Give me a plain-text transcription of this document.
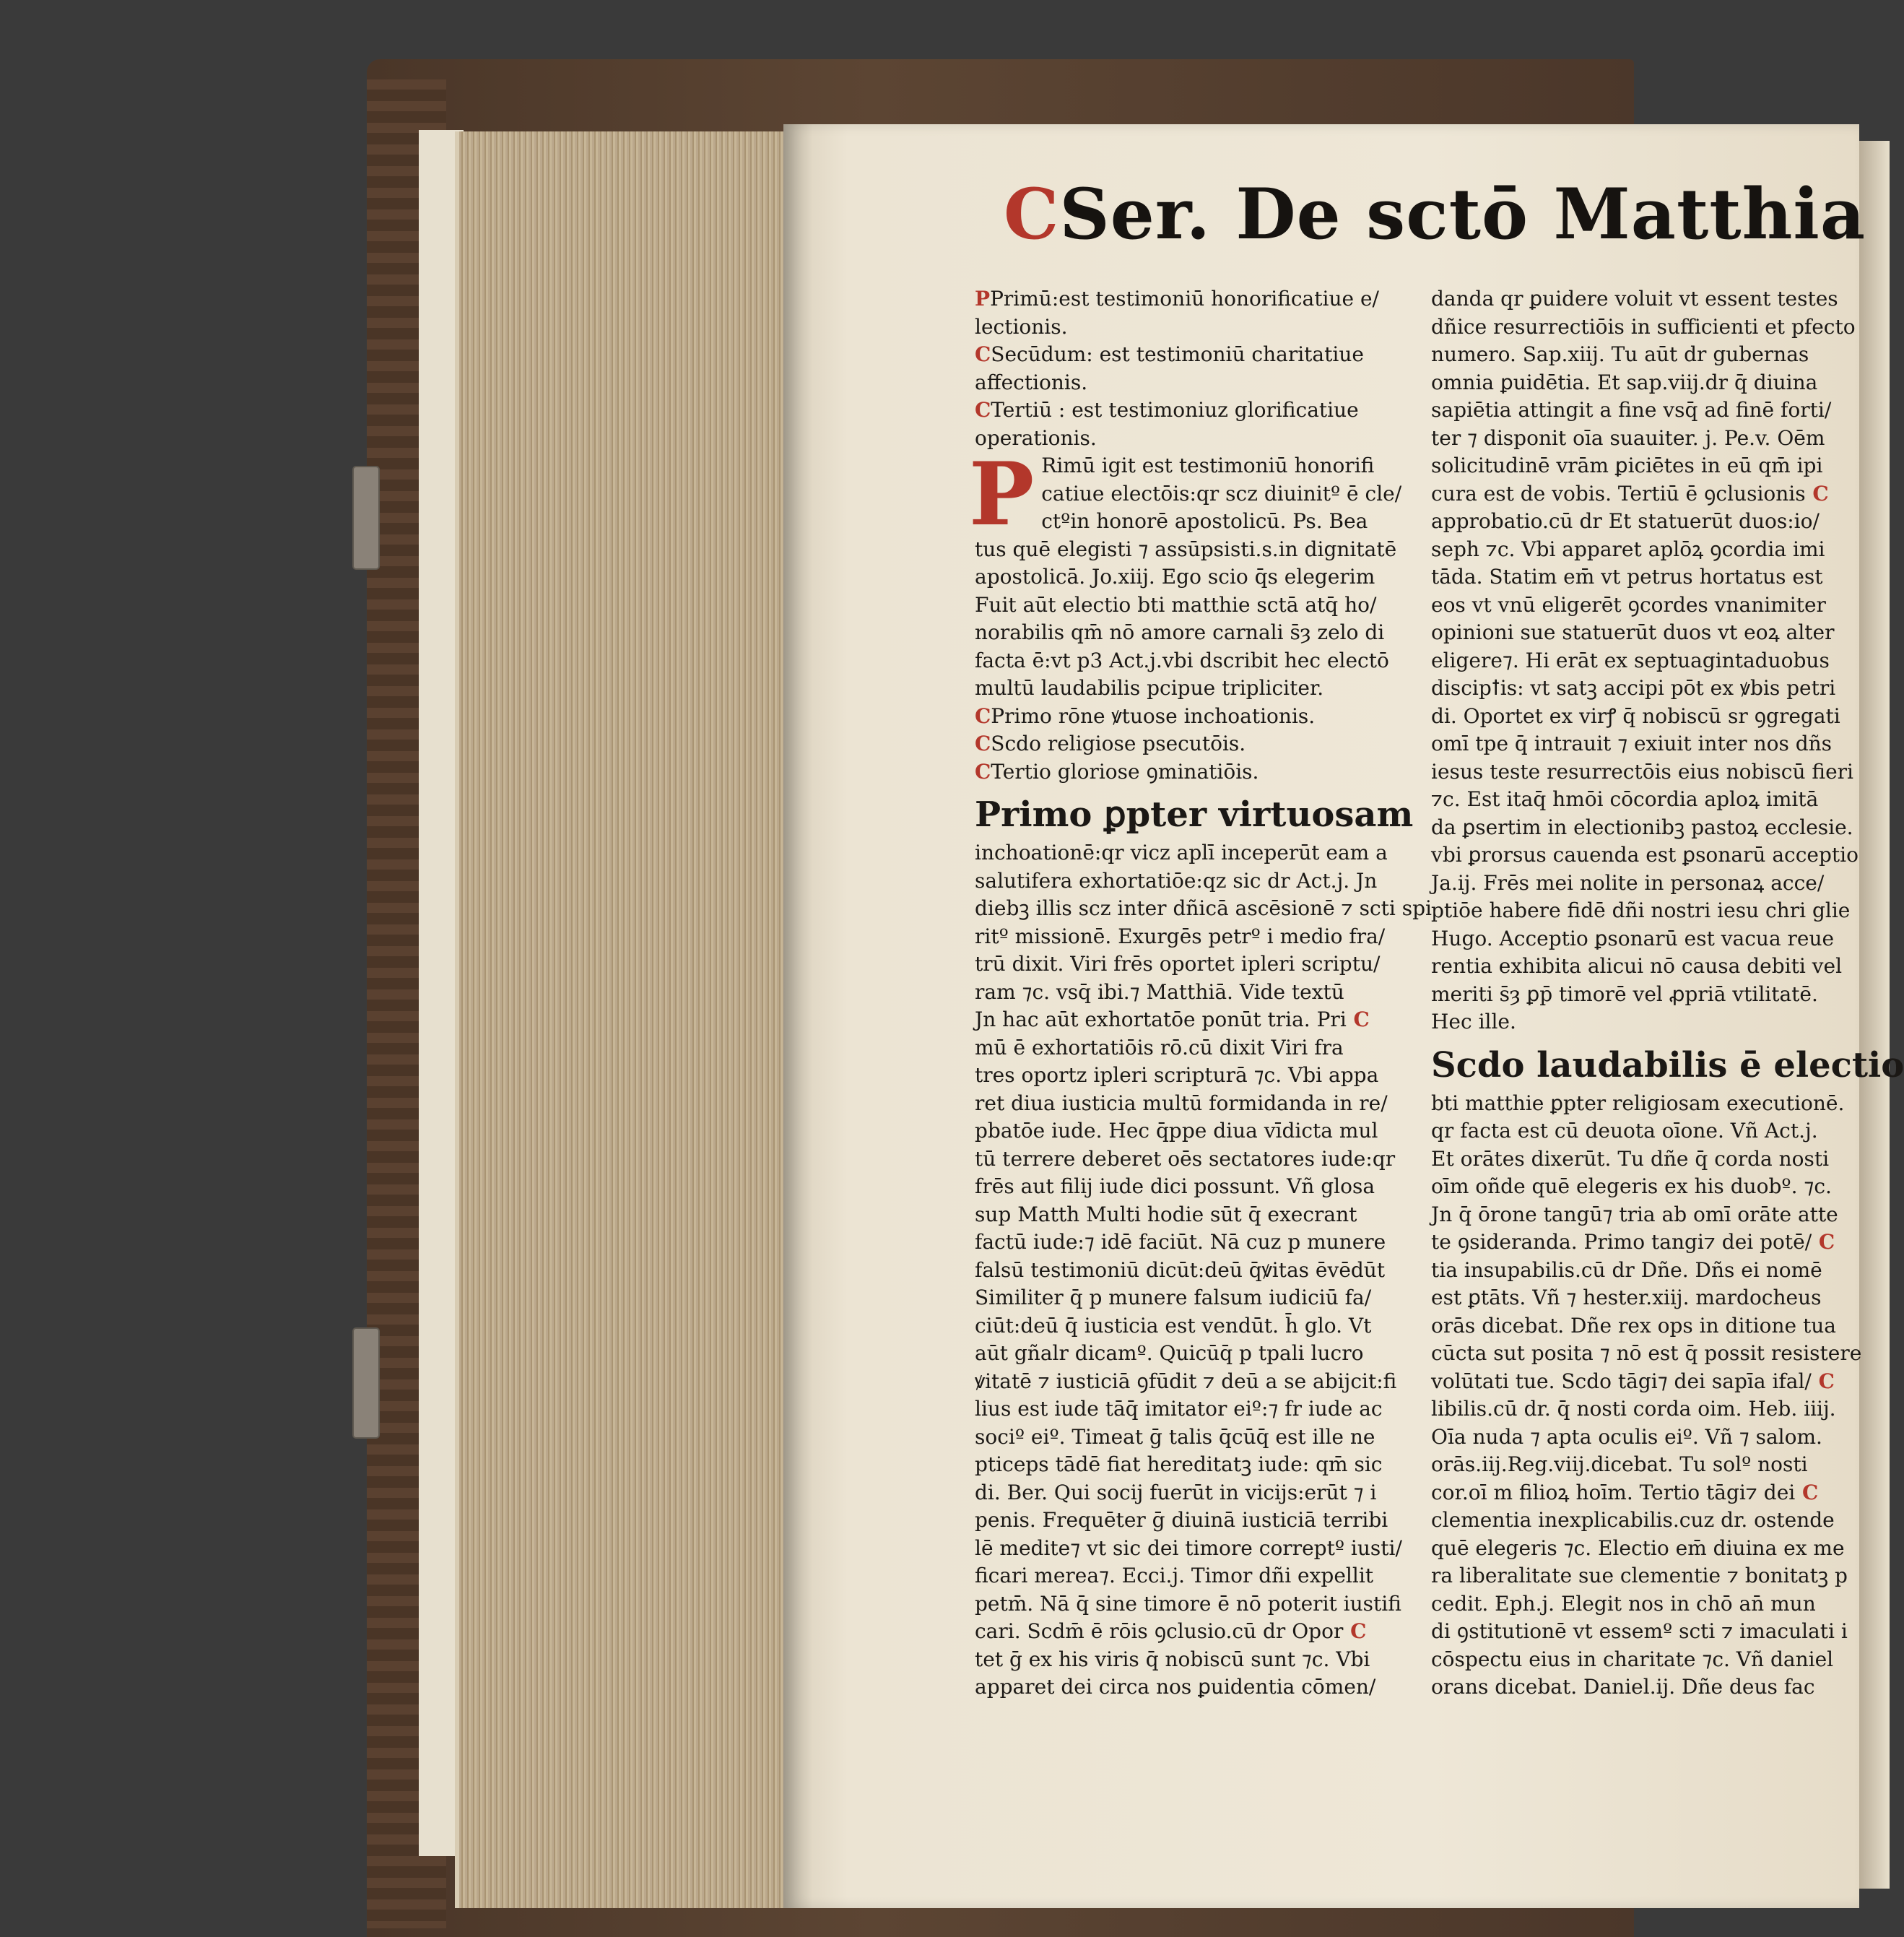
CSer. De sctō Matthia
PPrimū:est testimoniū honorificatiue e/
lectionis.
CSecūdum: est testimoniū charitatiue
affectionis.
CTertiū : est testimoniuz glorificatiue
operationis.
P Rimū igit est testimoniū honorifi
catiue electōis:qr scz diuinitº ē cle/
ctºin honorē apostolicū. Ps. Bea
tus quē elegisti ⁊ assūpsisti.s.in dignitatē
apostolicā. Jo.xiij. Ego scio q̄s elegerim
Fuit aūt electio bti matthie sctā atq̄ ho/
norabilis qm̄ nō amore carnali s̄ȝ zelo di
facta ē:vt p3 Act.j.vbi dscribit hec electō
multū laudabilis pcipue tripliciter.
CPrimo rōne ꝟtuose inchoationis.
CScdo religiose psecutōis.
CTertio gloriose ꝯminatiōis.
Primo ꝑpter virtuosam
inchoationē:qr vicz aplī inceperūt eam a
salutifera exhortatiōe:qz sic dr Act.j. Jn
diebꝫ illis scz inter dñicā ascēsionē ⁊ scti spi
ritº missionē. Exurgēs petrº i medio fra/
trū dixit. Viri frēs oportet ipleri scriptu/
ram ⁊c. vsq̄ ibi.⁊ Matthiā. Vide textū
Jn hac aūt exhortatōe ponūt tria. Pri C
mū ē exhortatiōis rō.cū dixit Viri fra
tres oportz ipleri scripturā ⁊c. Vbi appa
ret diua iusticia multū formidanda in re/
pbatōe iude. Hec q̄ppe diua vīdicta mul
tū terrere deberet oēs sectatores iude:qr
frēs aut filij iude dici possunt. Vñ glosa
sup Matth Multi hodie sūt q̄ execrant
factū iude:⁊ idē faciūt. Nā cuz p munere
falsū testimoniū dicūt:deū q̄ꝟitas ēvēdūt
Similiter q̄ p munere falsum iudiciū fa/
ciūt:deū q̄ iusticia est vendūt. h̄ glo. Vt
aūt gñalr dicamº. Quicūq̄ p tpali lucro
ꝟitatē ⁊ iusticiā ꝯfūdit ⁊ deū a se abijcit:fi
lius est iude tāq̄ imitator eiº:⁊ fr iude ac
sociº eiº. Timeat ḡ talis q̄cūq̄ est ille ne
pticeps tādē fiat hereditatꝫ iude: qm̄ sic
di. Ber. Qui socij fuerūt in vicijs:erūt ⁊ i
penis. Frequēter ḡ diuinā iusticiā terribi
lē medite⁊ vt sic dei timore correptº iusti/
ficari merea⁊. Ecci.j. Timor dñi expellit
petm̄. Nā q̄ sine timore ē nō poterit iustifi
cari. Scdm̄ ē rōis ꝯclusio.cū dr Opor C
tet ḡ ex his viris q̄ nobiscū sunt ⁊c. Vbi
apparet dei circa nos ꝑuidentia cōmen/
danda qr ꝑuidere voluit vt essent testes
dñice resurrectiōis in sufficienti et pfecto
numero. Sap.xiij. Tu aūt dr gubernas
omnia ꝑuidētia. Et sap.viij.dr q̄ diuina
sapiētia attingit a fine vsq̄ ad finē forti/
ter ⁊ disponit oīa suauiter. j. Pe.v. Oēm
solicitudinē vrām ꝑiciētes in eū qm̄ ipi
cura est de vobis. Tertiū ē ꝯclusionis C
approbatio.cū dr Et statuerūt duos:io/
seph ⁊c. Vbi apparet aplōꝝ ꝯcordia imi
tāda. Statim em̄ vt petrus hortatus est
eos vt vnū eligerēt ꝯcordes vnanimiter
opinioni sue statuerūt duos vt eoꝝ alter
eligere⁊. Hi erāt ex septuagintaduobus
discipꝉis: vt satꝫ accipi pōt ex ꝟbis petri
di. Oportet ex virꝭ q̄ nobiscū sr ꝯgregati
omī tpe q̄ intrauit ⁊ exiuit inter nos dñs
iesus teste resurrectōis eius nobiscū fieri
⁊c. Est itaq̄ hmōi cōcordia aploꝝ imitā
da ꝑsertim in electionibꝫ pastoꝝ ecclesie.
vbi ꝑrorsus cauenda est ꝑsonarū acceptio
Ja.ij. Frēs mei nolite in personaꝝ acce/
ptiōe habere fidē dñi nostri iesu chri glie
Hugo. Acceptio ꝑsonarū est vacua reue
rentia exhibita alicui nō causa debiti vel
meriti s̄ȝ ꝑp̄ timorē vel ꝓpriā vtilitatē.
Hec ille.
Scdo laudabilis ē electio
bti matthie ꝑpter religiosam executionē.
qr facta est cū deuota oīone. Vñ Act.j.
Et orātes dixerūt. Tu dñe q̄ corda nosti
oīm oñde quē elegeris ex his duobº. ⁊c.
Jn q̄ ōrone tangū⁊ tria ab omī orāte atte
te ꝯsideranda. Primo tangi⁊ dei potē/ C
tia insupabilis.cū dr Dñe. Dñs ei nomē
est ꝑtāts. Vñ ⁊ hester.xiij. mardocheus
orās dicebat. Dñe rex ops in ditione tua
cūcta sut posita ⁊ nō est q̄ possit resistere
volūtati tue. Scdo tāgi⁊ dei sapīa ifal/ C
libilis.cū dr. q̄ nosti corda oim. Heb. iiij.
Oīa nuda ⁊ apta oculis eiº. Vñ ⁊ salom.
orās.iij.Reg.viij.dicebat. Tu solº nosti
cor.oī m filioꝝ hoīm. Tertio tāgi⁊ dei C
clementia inexplicabilis.cuz dr. ostende
quē elegeris ⁊c. Electio em̄ diuina ex me
ra liberalitate sue clementie ⁊ bonitatꝫ p
cedit. Eph.j. Elegit nos in chō an̄ mun
di ꝯstitutionē vt essemº scti ⁊ imaculati i
cōspectu eius in charitate ⁊c. Vñ daniel
orans dicebat. Daniel.ij. Dñe deus fac
